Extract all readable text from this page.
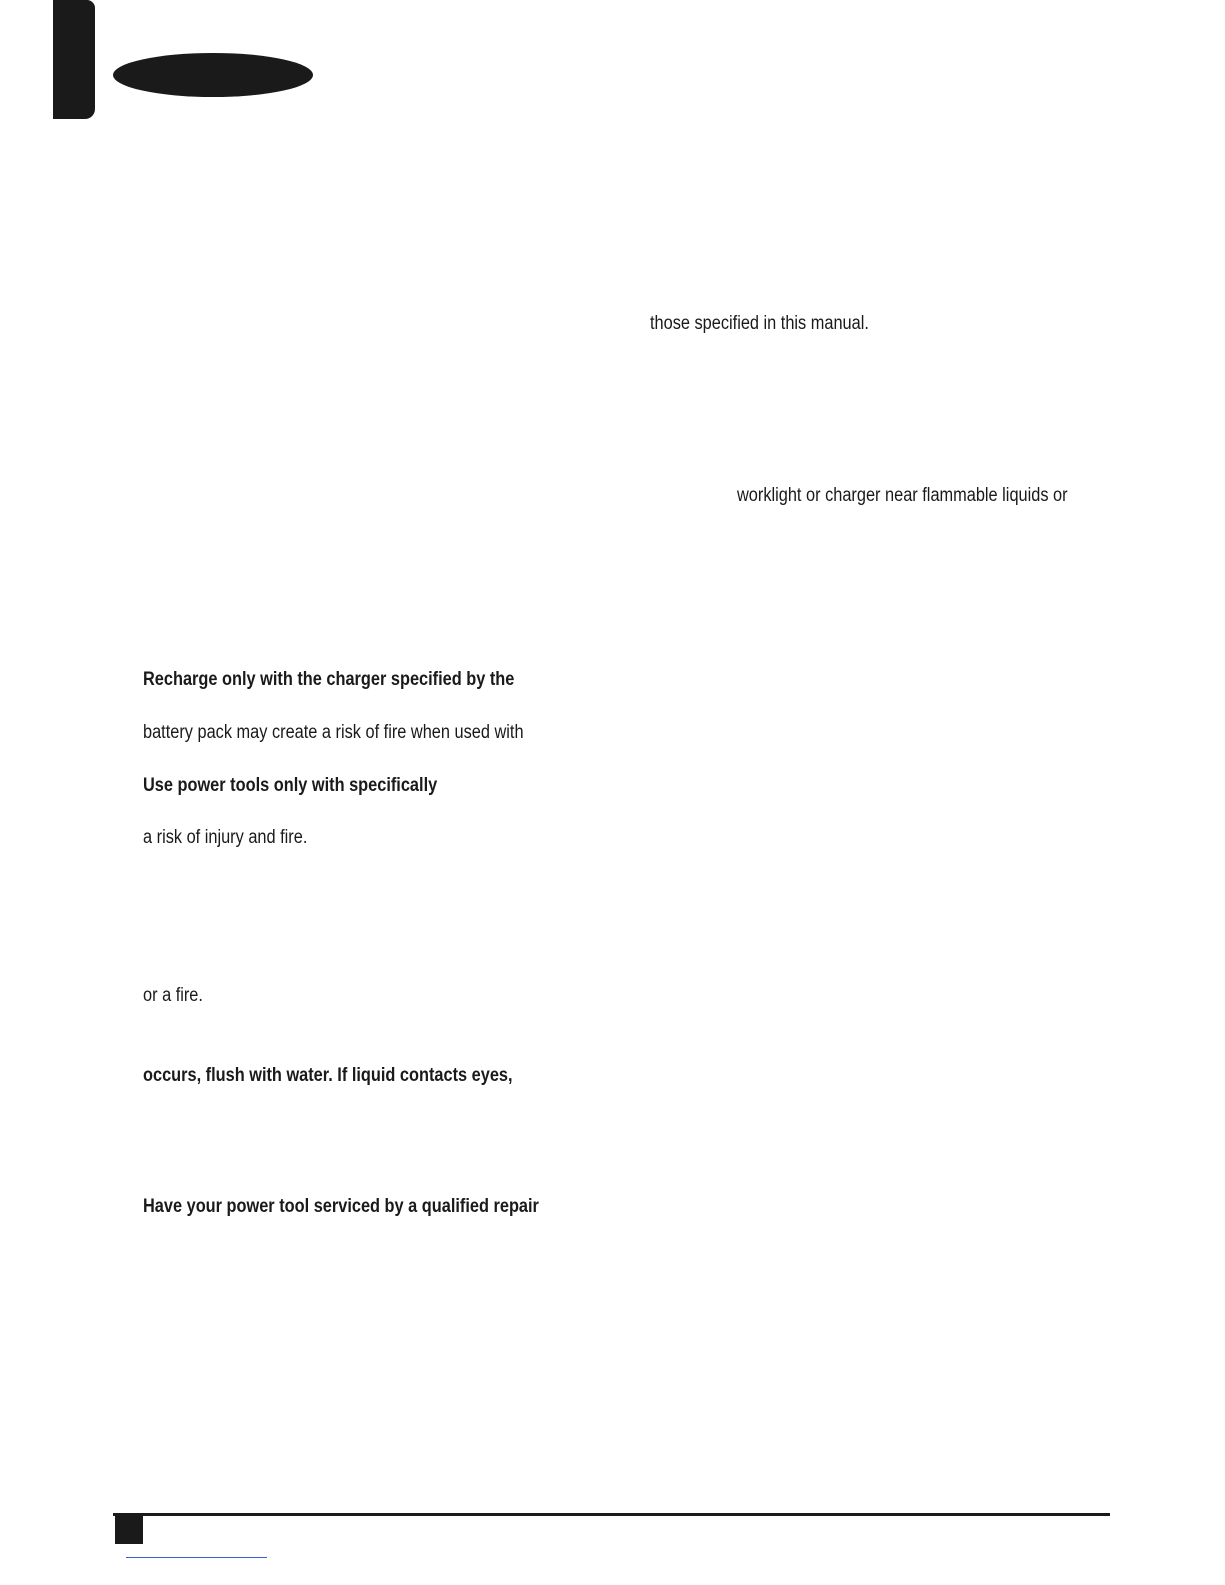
those specified in this manual.
worklight or charger near flammable liquids or
Recharge only with the charger specified by the
battery pack may create a risk of fire when used with
Use power tools only with specifically
a risk of injury and fire.
or a fire.
occurs, flush with water. If liquid contacts eyes,
Have your power tool serviced by a qualified repair
